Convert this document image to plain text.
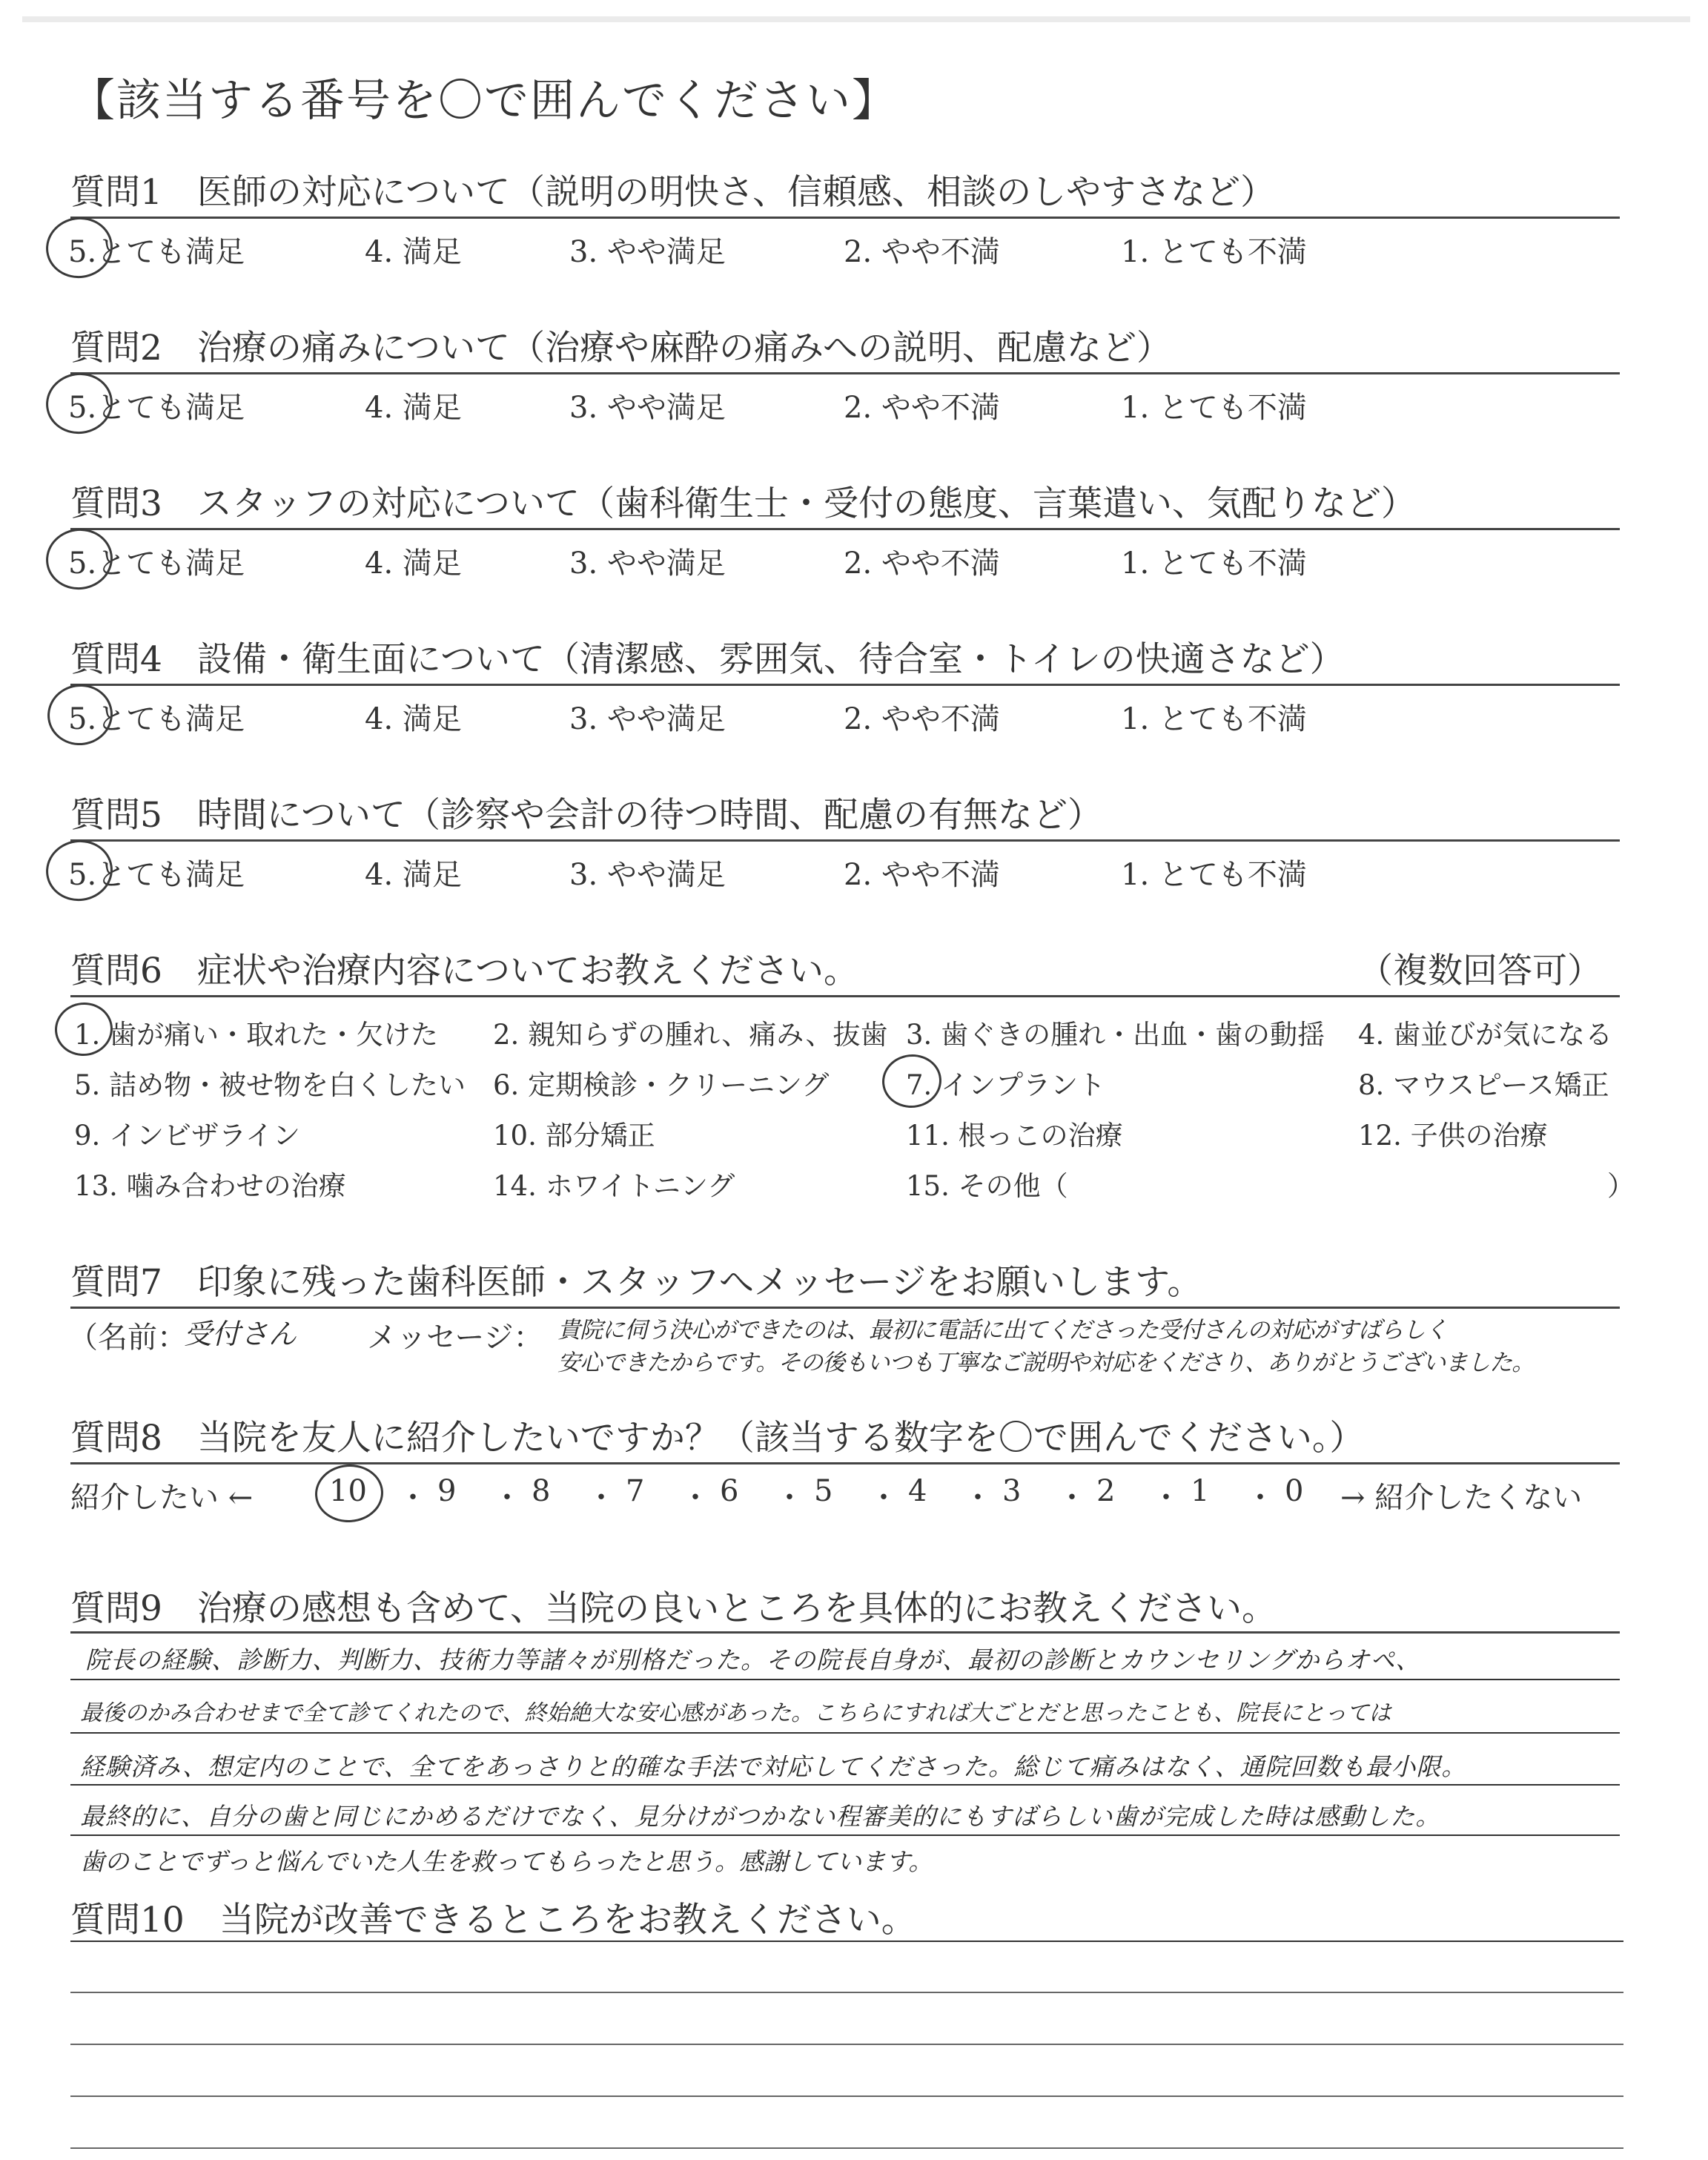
【該当する番号を〇で囲んでください】
質問1　医師の対応について（説明の明快さ、信頼感、相談のしやすさなど）
5.とても満足	4. 満足	3. やや満足	2. やや不満	1. とても不満
質問2　治療の痛みについて（治療や麻酔の痛みへの説明、配慮など）
5.とても満足	4. 満足	3. やや満足	2. やや不満	1. とても不満
質問3　スタッフの対応について（歯科衛生士・受付の態度、言葉遣い、気配りなど）
5.とても満足	4. 満足	3. やや満足	2. やや不満	1. とても不満
質問4　設備・衛生面について（清潔感、雰囲気、待合室・トイレの快適さなど）
5.とても満足	4. 満足	3. やや満足	2. やや不満	1. とても不満
質問5　時間について（診察や会計の待つ時間、配慮の有無など）
5.とても満足	4. 満足	3. やや満足	2. やや不満	1. とても不満
質問6　症状や治療内容についてお教えください。	（複数回答可）
1. 歯が痛い・取れた・欠けた 2. 親知らずの腫れ、痛み、抜歯 3. 歯ぐきの腫れ・出血・歯の動揺 4. 歯並びが気になる
5. 詰め物・被せ物を白くしたい 6. 定期検診・クリーニング	7. インプラント	8. マウスピース矯正
9. インビザライン	10. 部分矯正	11. 根っこの治療	12. 子供の治療
13. 噛み合わせの治療	14. ホワイトニング	15. その他（	）
質問7　印象に残った歯科医師・スタッフへメッセージをお願いします。
（名前：
受付さん メッセージ： 貴院に伺う決心ができたのは、最初に電話に出てくださった受付さんの対応がすばらしく
安心できたからです。その後もいつも丁寧なご説明や対応をくださり、ありがとうございました。
質問8　当院を友人に紹介したいですか？（該当する数字を〇で囲んでください。）
紹介したい ←	→ 紹介したくない
10 ・ 9 ・ 8 ・ 7 ・ 6 ・ 5 ・ 4 ・ 3 ・ 2 ・ 1 ・ 0
質問9　治療の感想も含めて、当院の良いところを具体的にお教えください。
院長の経験、診断力、判断力、技術力等諸々が別格だった。その院長自身が、最初の診断とカウンセリングからオペ、
最後のかみ合わせまで全て診てくれたので、終始絶大な安心感があった。こちらにすれば大ごとだと思ったことも、院長にとっては
経験済み、想定内のことで、全てをあっさりと的確な手法で対応してくださった。総じて痛みはなく、通院回数も最小限。
最終的に、自分の歯と同じにかめるだけでなく、見分けがつかない程審美的にもすばらしい歯が完成した時は感動した。
歯のことでずっと悩んでいた人生を救ってもらったと思う。感謝しています。
質問10　当院が改善できるところをお教えください。
